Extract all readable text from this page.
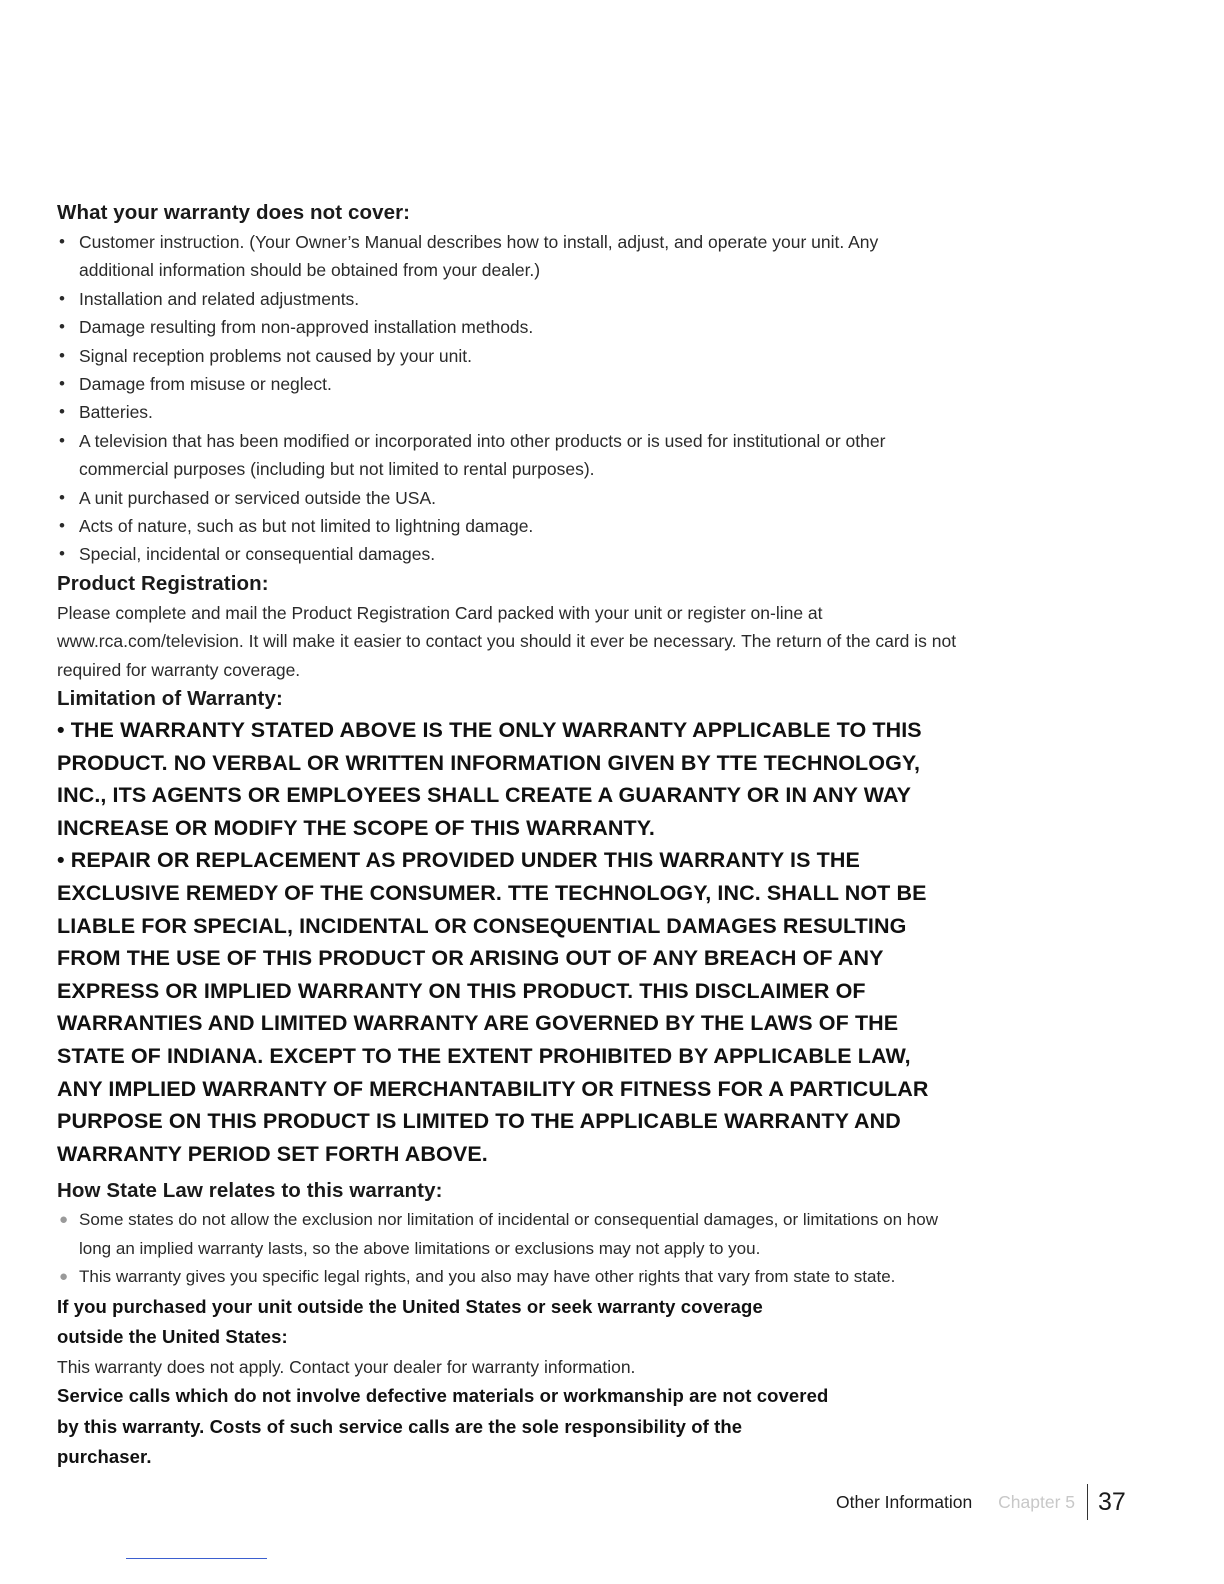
What your warranty does not cover:
• Customer instruction. (Your Owner’s Manual describes how to install, adjust, and operate your unit. Any additional information should be obtained from your dealer.)
• Installation and related adjustments.
• Damage resulting from non-approved installation methods.
• Signal reception problems not caused by your unit.
• Damage from misuse or neglect.
• Batteries.
• A television that has been modified or incorporated into other products or is used for institutional or other commercial purposes (including but not limited to rental purposes).
• A unit purchased or serviced outside the USA.
• Acts of nature, such as but not limited to lightning damage.
• Special, incidental or consequential damages.
Product Registration:

Please complete and mail the Product Registration Card packed with your unit or register on-line at www.rca.com/television. It will make it easier to contact you should it ever be necessary. The return of the card is not required for warranty coverage.

Limitation of Warranty:

• THE WARRANTY STATED ABOVE IS THE ONLY WARRANTY APPLICABLE TO THIS PRODUCT. NO VERBAL OR WRITTEN INFORMATION GIVEN BY TTE TECHNOLOGY, INC., ITS AGENTS OR EMPLOYEES SHALL CREATE A GUARANTY OR IN ANY WAY INCREASE OR MODIFY THE SCOPE OF THIS WARRANTY.

• REPAIR OR REPLACEMENT AS PROVIDED UNDER THIS WARRANTY IS THE EXCLUSIVE REMEDY OF THE CONSUMER. TTE TECHNOLOGY, INC. SHALL NOT BE LIABLE FOR SPECIAL, INCIDENTAL OR CONSEQUENTIAL DAMAGES RESULTING FROM THE USE OF THIS PRODUCT OR ARISING OUT OF ANY BREACH OF ANY EXPRESS OR IMPLIED WARRANTY ON THIS PRODUCT. THIS DISCLAIMER OF WARRANTIES AND LIMITED WARRANTY ARE GOVERNED BY THE LAWS OF THE STATE OF INDIANA. EXCEPT TO THE EXTENT PROHIBITED BY APPLICABLE LAW, ANY IMPLIED WARRANTY OF MERCHANTABILITY OR FITNESS FOR A PARTICULAR PURPOSE ON THIS PRODUCT IS LIMITED TO THE APPLICABLE WARRANTY AND WARRANTY PERIOD SET FORTH ABOVE.

How State Law relates to this warranty:
● Some states do not allow the exclusion nor limitation of incidental or consequential damages, or limitations on how long an implied warranty lasts, so the above limitations or exclusions may not apply to you.
● This warranty gives you specific legal rights, and you also may have other rights that vary from state to state.

If you purchased your unit outside the United States or seek warranty coverage outside the United States:

This warranty does not apply. Contact your dealer for warranty information.

Service calls which do not involve defective materials or workmanship are not covered by this warranty. Costs of such service calls are the sole responsibility of the purchaser.

Other Information Chapter 5 37
